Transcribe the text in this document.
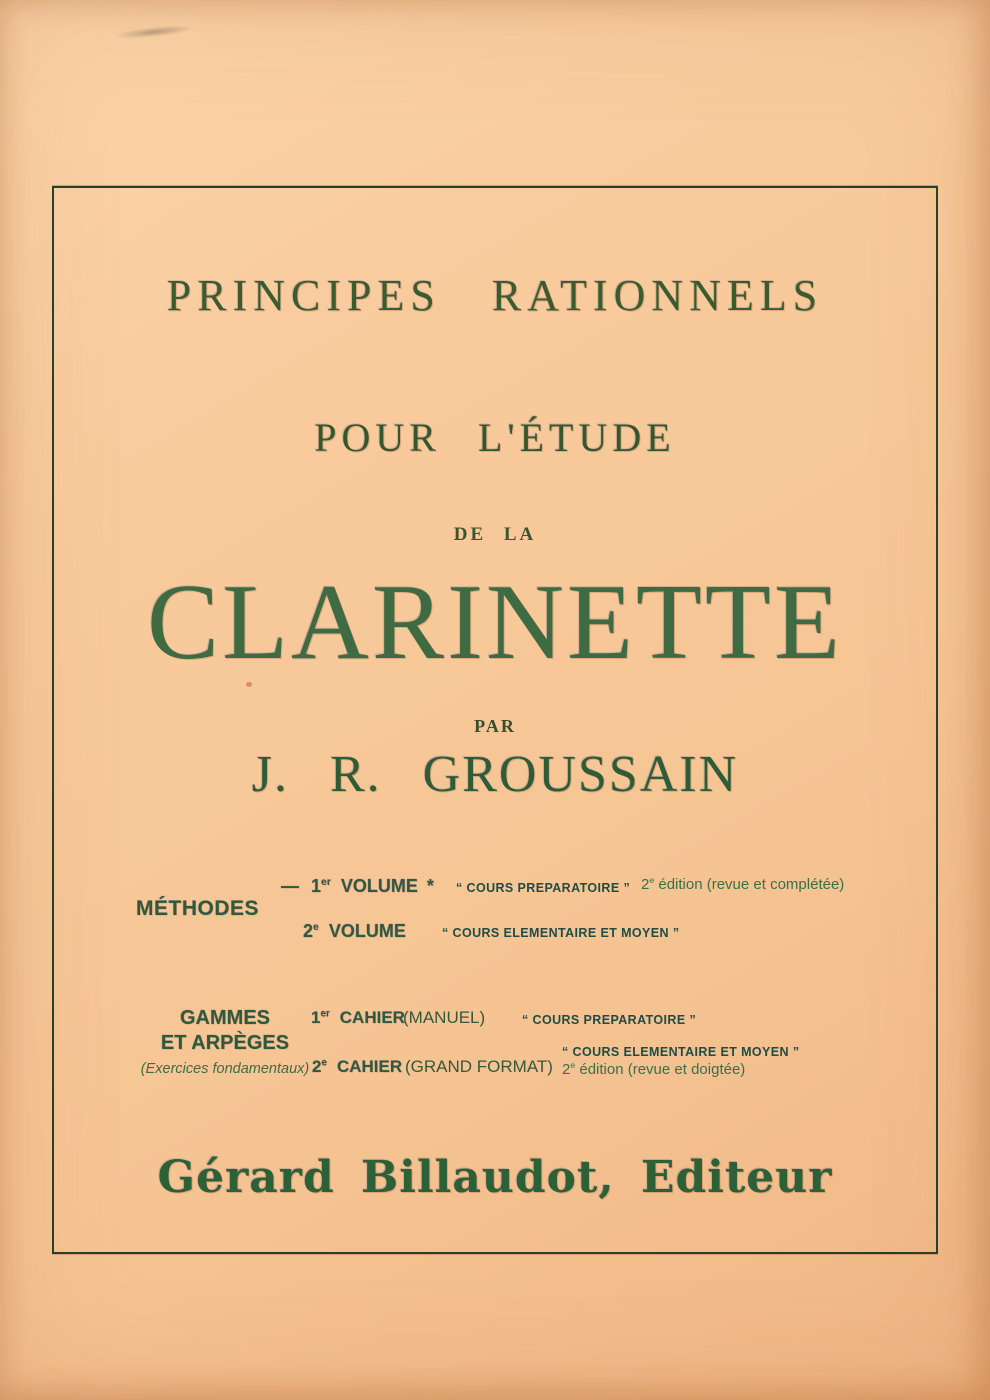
PRINCIPES RATIONNELS
POUR L'ÉTUDE
DE LA
CLARINETTE
PAR
J. R. GROUSSAIN
MÉTHODES
— 1er VOLUME * “ COURS PREPARATOIRE ” 2e édition (revue et complétée)
2e VOLUME	“ COURS ELEMENTAIRE ET MOYEN ”
GAMMES
ET ARPÈGES
(Exercices fondamentaux)
1er CAHIER
(MANUEL)	“ COURS PREPARATOIRE ”
2e CAHIER (GRAND FORMAT)
“ COURS ELEMENTAIRE ET MOYEN ”
2e édition (revue et doigtée)
Gérard Billaudot, Editeur
